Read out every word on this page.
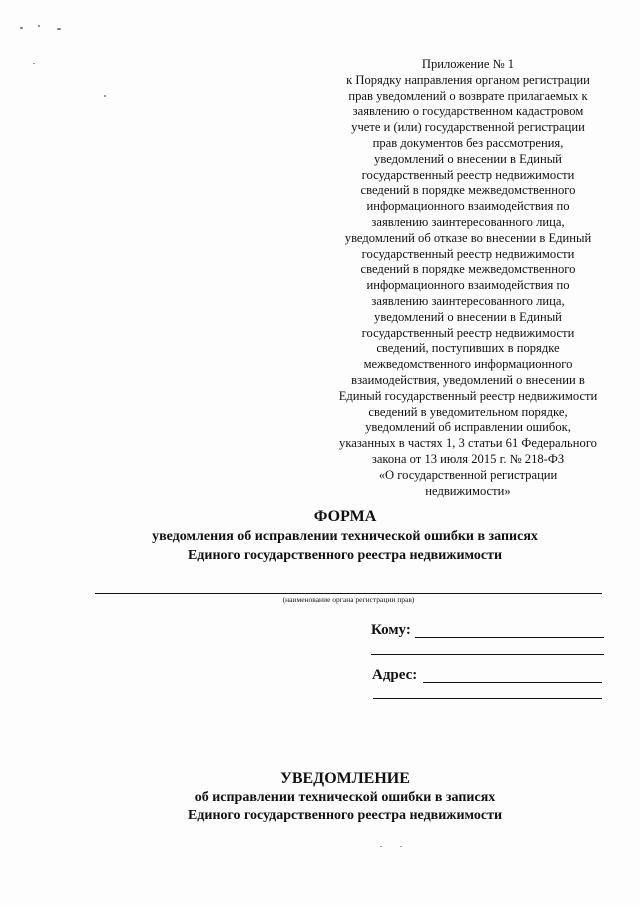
Приложение № 1
к Порядку направления органом регистрации
прав уведомлений о возврате прилагаемых к
заявлению о государственном кадастровом
учете и (или) государственной регистрации
прав документов без рассмотрения,
уведомлений о внесении в Единый
государственный реестр недвижимости
сведений в порядке межведомственного
информационного взаимодействия по
заявлению заинтересованного лица,
уведомлений об отказе во внесении в Единый
государственный реестр недвижимости
сведений в порядке межведомственного
информационного взаимодействия по
заявлению заинтересованного лица,
уведомлений о внесении в Единый
государственный реестр недвижимости
сведений, поступивших в порядке
межведомственного информационного
взаимодействия, уведомлений о внесении в
Единый государственный реестр недвижимости
сведений в уведомительном порядке,
уведомлений об исправлении ошибок,
указанных в частях 1, 3 статьи 61 Федерального
закона от 13 июля 2015 г. № 218-ФЗ
«О государственной регистрации
недвижимости»
ФОРМА
уведомления об исправлении технической ошибки в записях
Единого государственного реестра недвижимости
(наименование органа регистрации прав)
Кому:
Адрес:
УВЕДОМЛЕНИЕ
об исправлении технической ошибки в записях
Единого государственного реестра недвижимости
